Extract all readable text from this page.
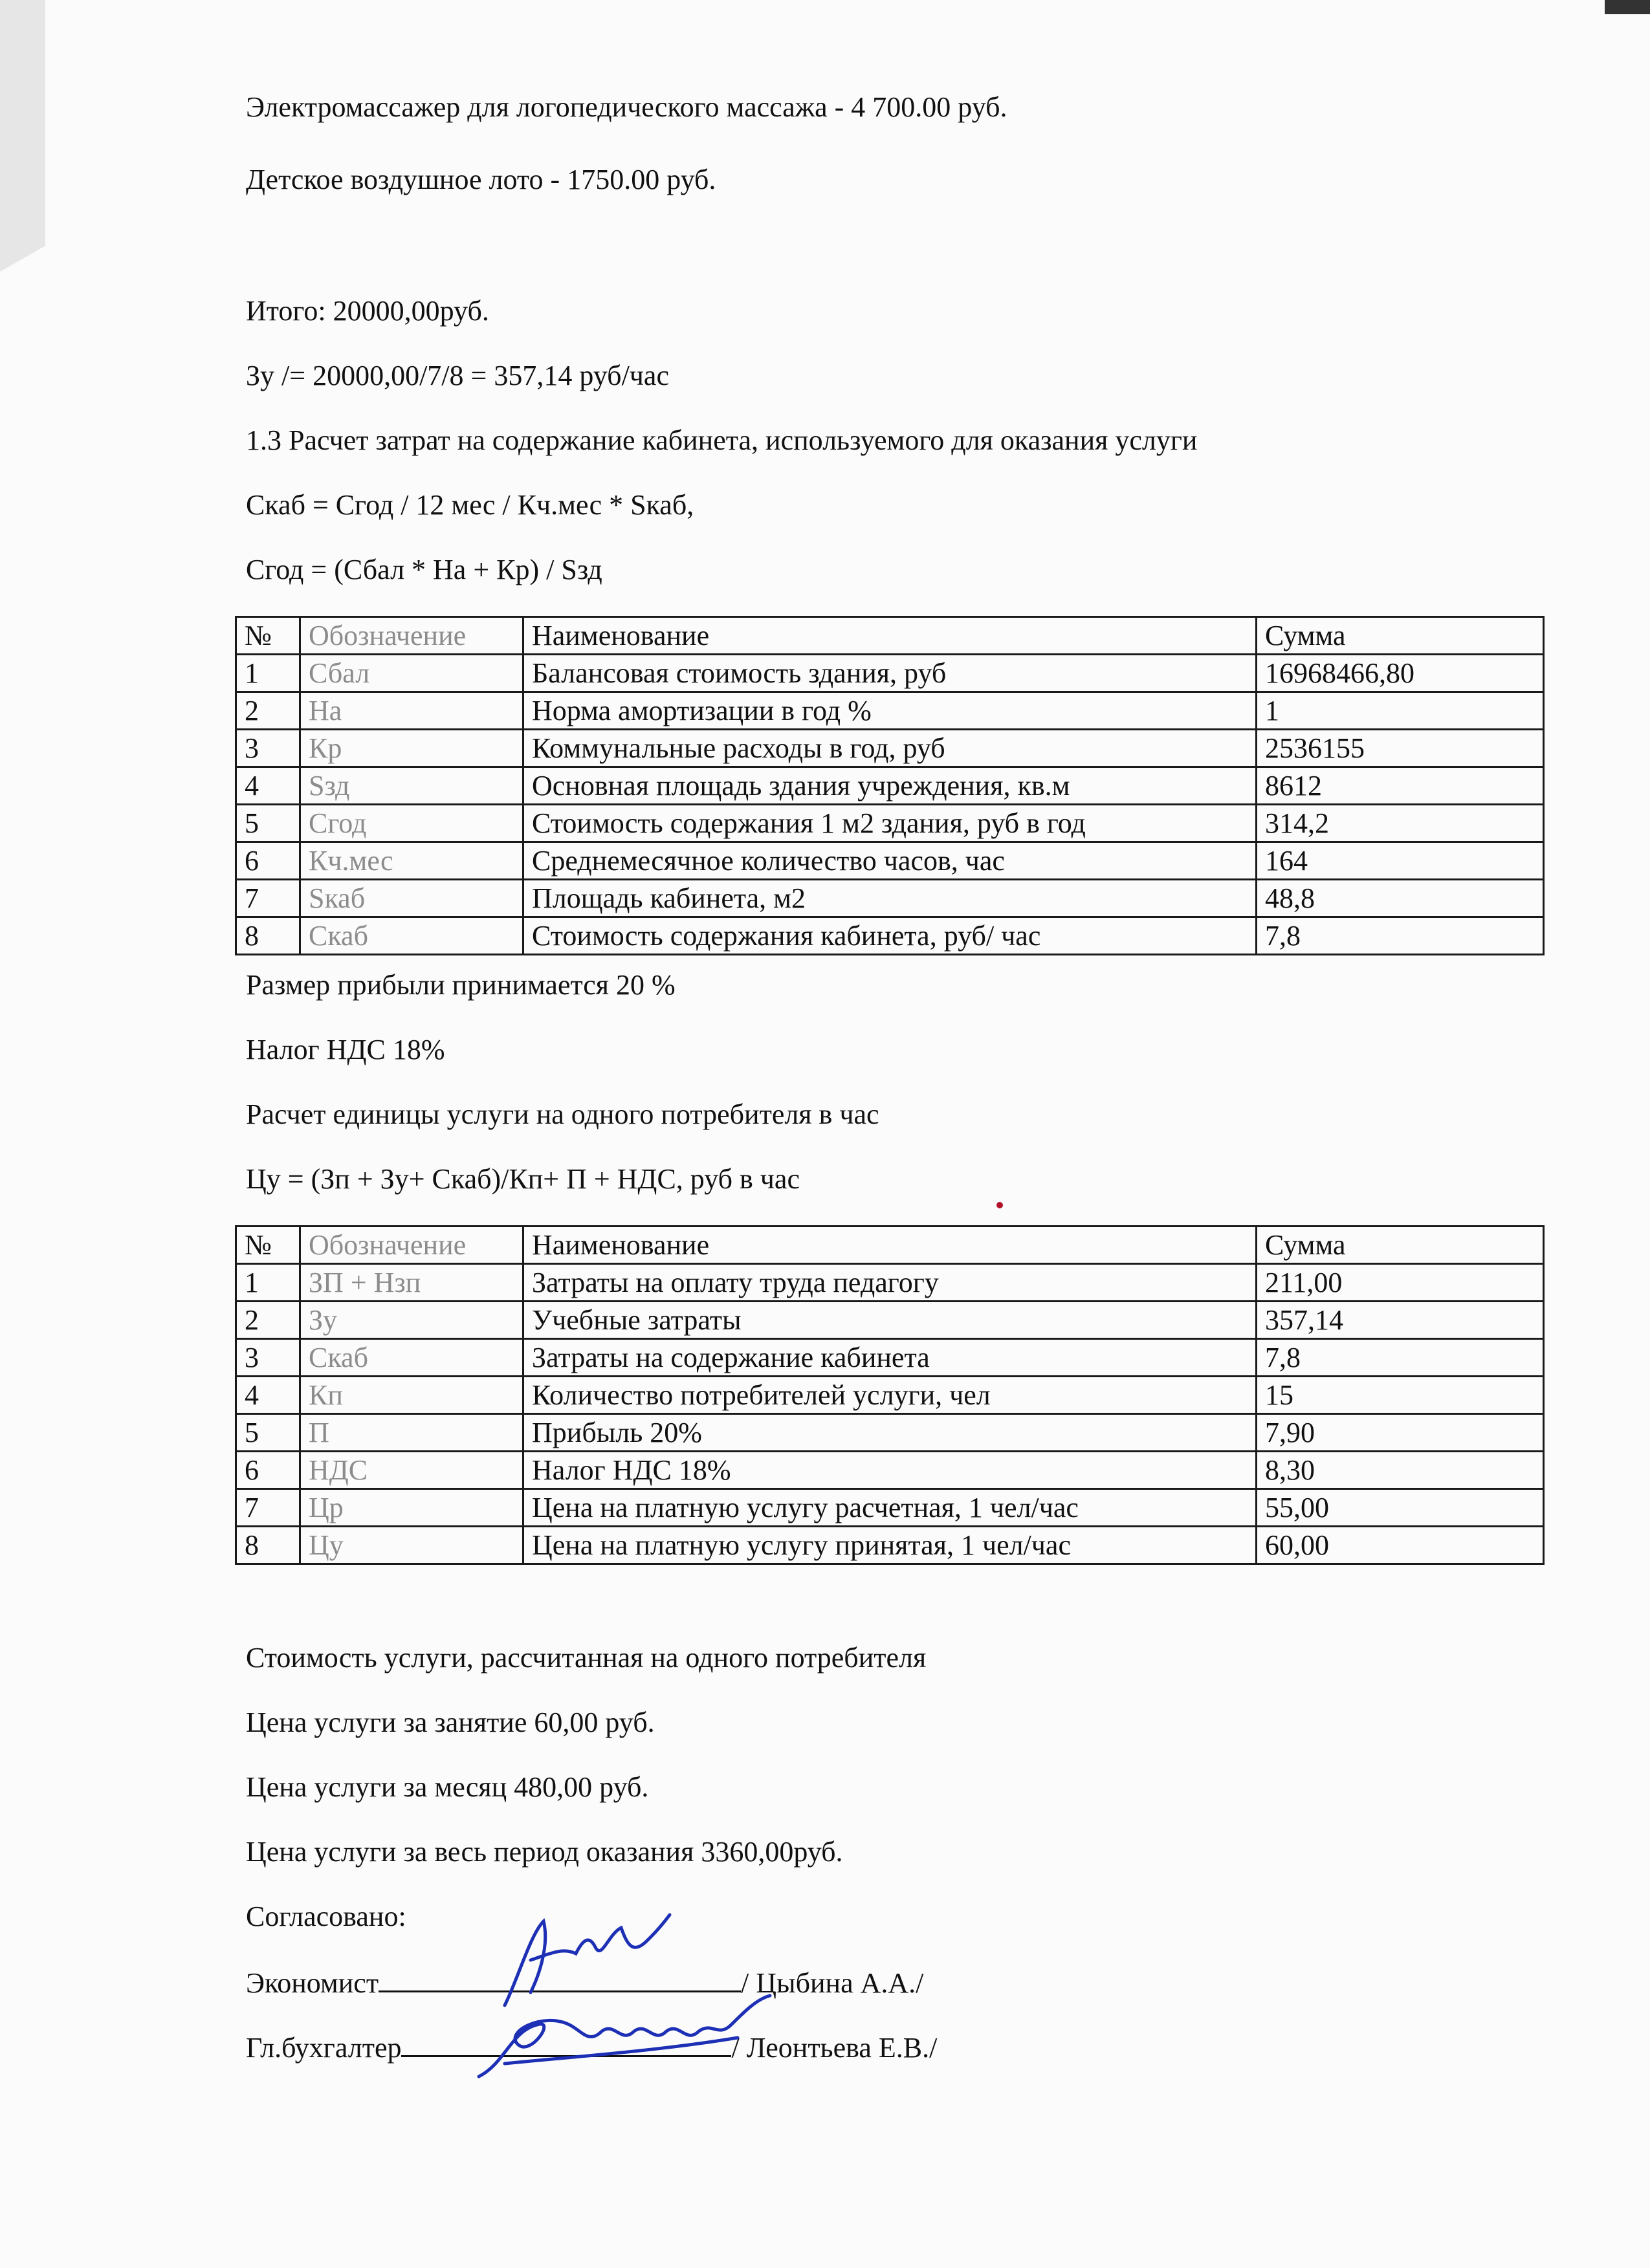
Электромассажер для логопедического массажа - 4 700.00 руб.
Детское воздушное лото - 1750.00 руб.
Итого: 20000,00руб.
Зу /= 20000,00/7/8 = 357,14 руб/час
1.3 Расчет затрат на содержание кабинета, используемого для оказания услуги
Скаб = Сгод / 12 мес / Кч.мес * Sкаб,
Сгод = (Сбал * На + Кр) / Sзд
№	Обозначение	Наименование	Сумма
1	Сбал	Балансовая стоимость здания, руб	16968466,80
2	На	Норма амортизации в год %	1
3	Кр	Коммунальные расходы в год, руб	2536155
4	Sзд	Основная площадь здания учреждения, кв.м	8612
5	Сгод	Стоимость содержания 1 м2 здания, руб в год	314,2
6	Кч.мес	Среднемесячное количество часов, час	164
7	Sкаб	Площадь кабинета, м2	48,8
8	Скаб	Стоимость содержания кабинета, руб/ час	7,8
Размер прибыли принимается 20 %
Налог НДС 18%
Расчет единицы услуги на одного потребителя в час
Цу = (Зп + Зу+ Скаб)/Кп+ П + НДС, руб в час
№	Обозначение	Наименование	Сумма
1	ЗП + Нзп	Затраты на оплату труда педагогу	211,00
2	Зу	Учебные затраты	357,14
3	Скаб	Затраты на содержание кабинета	7,8
4	Кп	Количество потребителей услуги, чел	15
5	П	Прибыль 20%	7,90
6	НДС	Налог НДС 18%	8,30
7	Цр	Цена на платную услугу расчетная, 1 чел/час	55,00
8	Цу	Цена на платную услугу принятая, 1 чел/час	60,00
Стоимость услуги, рассчитанная на одного потребителя
Цена услуги за занятие 60,00 руб.
Цена услуги за месяц 480,00 руб.
Цена услуги за весь период оказания 3360,00руб.
Согласовано:
Экономист	/ Цыбина А.А./
Гл.бухгалтер	/ Леонтьева Е.В./
